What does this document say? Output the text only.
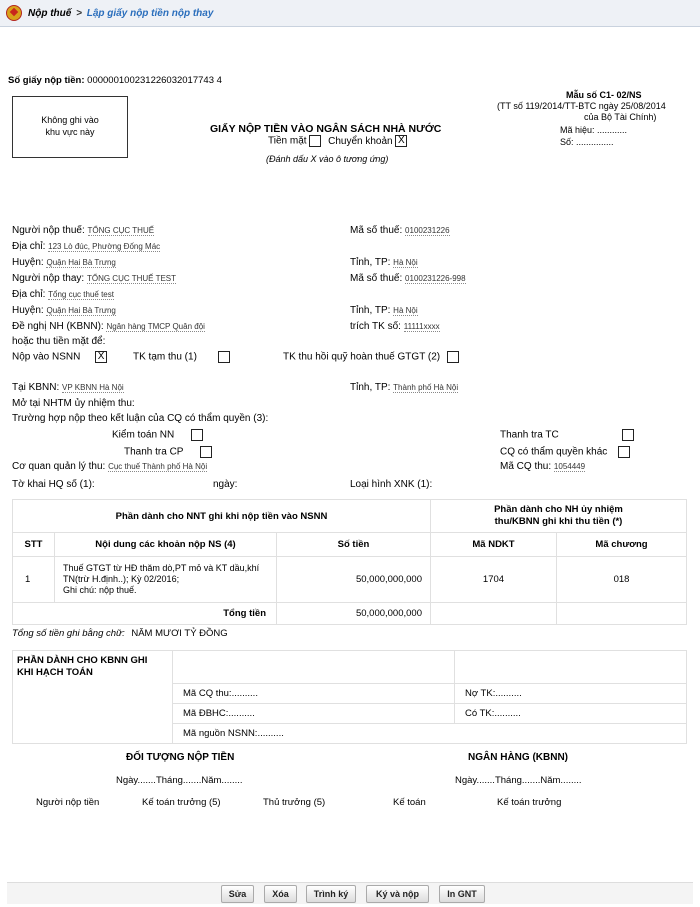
Nộp thuế > Lập giấy nộp tiền nộp thay
Số giấy nộp tiền: 000000100231226032017743 4
Không ghi vào
khu vực này
Mẫu số C1- 02/NS
(TT số 119/2014/TT-BTC ngày 25/08/2014
của Bộ Tài Chính)
Mã hiệu: ............
Số: ...............
GIẤY NỘP TIỀN VÀO NGÂN SÁCH NHÀ NƯỚC
Tiền mặt Chuyển khoản X
(Đánh dấu X vào ô tương ứng)
Người nộp thuế: TỔNG CỤC THUẾ	Mã số thuế: 0100231226
Địa chỉ: 123 Lò đúc, Phường Đống Mác
Huyện: Quận Hai Bà Trưng	Tỉnh, TP: Hà Nội
Người nộp thay: TỔNG CỤC THUẾ TEST	Mã số thuế: 0100231226-998
Địa chỉ: Tổng cục thuế test
Huyện: Quận Hai Bà Trưng	Tỉnh, TP: Hà Nội
Đề nghị NH (KBNN): Ngân hàng TMCP Quân đội	trích TK số: 11111xxxx
hoặc thu tiền mặt để:
Nộp vào NSNN X	TK tạm thu (1)	TK thu hồi quỹ hoàn thuế GTGT (2)
Tại KBNN: VP KBNN Hà Nội	Tỉnh, TP: Thành phố Hà Nội
Mở tại NHTM ủy nhiệm thu:
Trường hợp nộp theo kết luận của CQ có thẩm quyền (3):
Kiểm toán NN	Thanh tra TC
Thanh tra CP	CQ có thẩm quyền khác
Cơ quan quản lý thu: Cục thuế Thành phố Hà Nội	Mã CQ thu: 1054449
Tờ khai HQ số (1):	ngày:	Loại hình XNK (1):
Phần dành cho NNT ghi khi nộp tiền vào NSNN			Phần dành cho NH ủy nhiệm
thu/KBNN ghi khi thu tiền (*)	

STT	Nội dung các khoản nộp NS (4)	Số tiền	Mã NDKT	Mã chương
1	Thuế GTGT từ HĐ thăm dò,PT mỏ và KT dầu,khí
TN(trừ H.định..); Kỳ 02/2016;
Ghi chú: nộp thuế.	50,000,000,000	1704	018
Tổng tiền		50,000,000,000		
Tổng số tiền ghi bằng chữ: NĂM MƯƠI TỶ ĐỒNG
PHẦN DÀNH CHO KBNN GHI
KHI HẠCH TOÁN		

	Mã CQ thu:..........	Nợ TK:..........
	Mã ĐBHC:..........	Có TK:..........
	Mã nguồn NSNN:..........	
ĐỐI TƯỢNG NỘP TIỀN	NGÂN HÀNG (KBNN)
Ngày.......Tháng.......Năm........	Ngày.......Tháng.......Năm........
Người nộp tiền	Kế toán trưởng (5)	Thủ trưởng (5)	Kế toán	Kế toán trưởng
Sửa	Xóa	Trình ký	Ký và nộp	In GNT
